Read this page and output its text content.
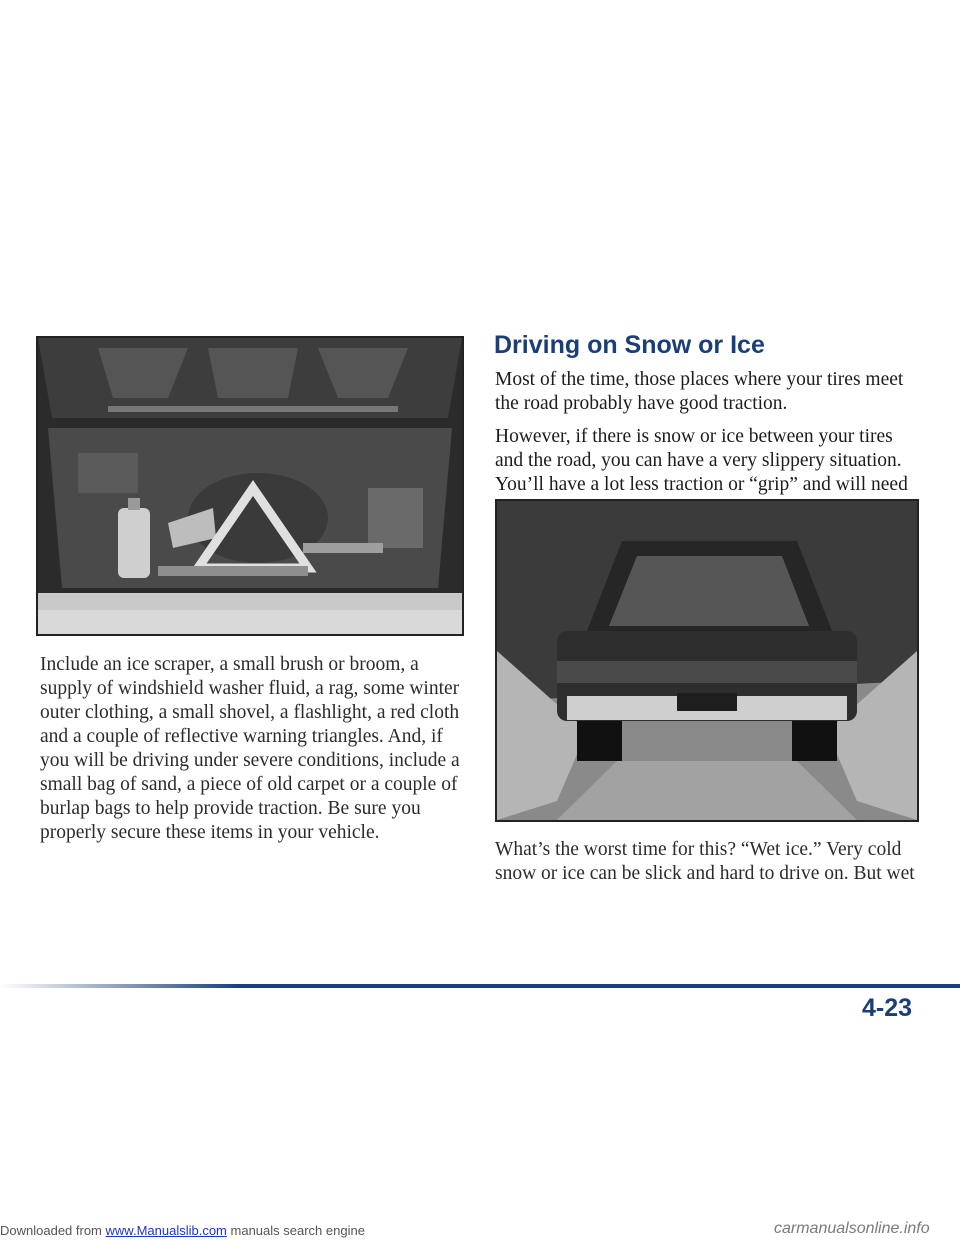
Include an ice scraper, a small brush or broom, a supply of windshield washer fluid, a rag, some winter outer clothing, a small shovel, a flashlight, a red cloth and a couple of reflective warning triangles. And, if you will be driving under severe conditions, include a small bag of sand, a piece of old carpet or a couple of burlap bags to help provide traction. Be sure you properly secure these items in your vehicle.

Driving on Snow or Ice

Most of the time, those places where your tires meet the road probably have good traction.

However, if there is snow or ice between your tires and the road, you can have a very slippery situation. You’ll have a lot less traction or “grip” and will need

What’s the worst time for this? “Wet ice.” Very cold snow or ice can be slick and hard to drive on. But wet

4-23

Downloaded from www.Manualslib.com manuals search engine	carmanualsonline.info
